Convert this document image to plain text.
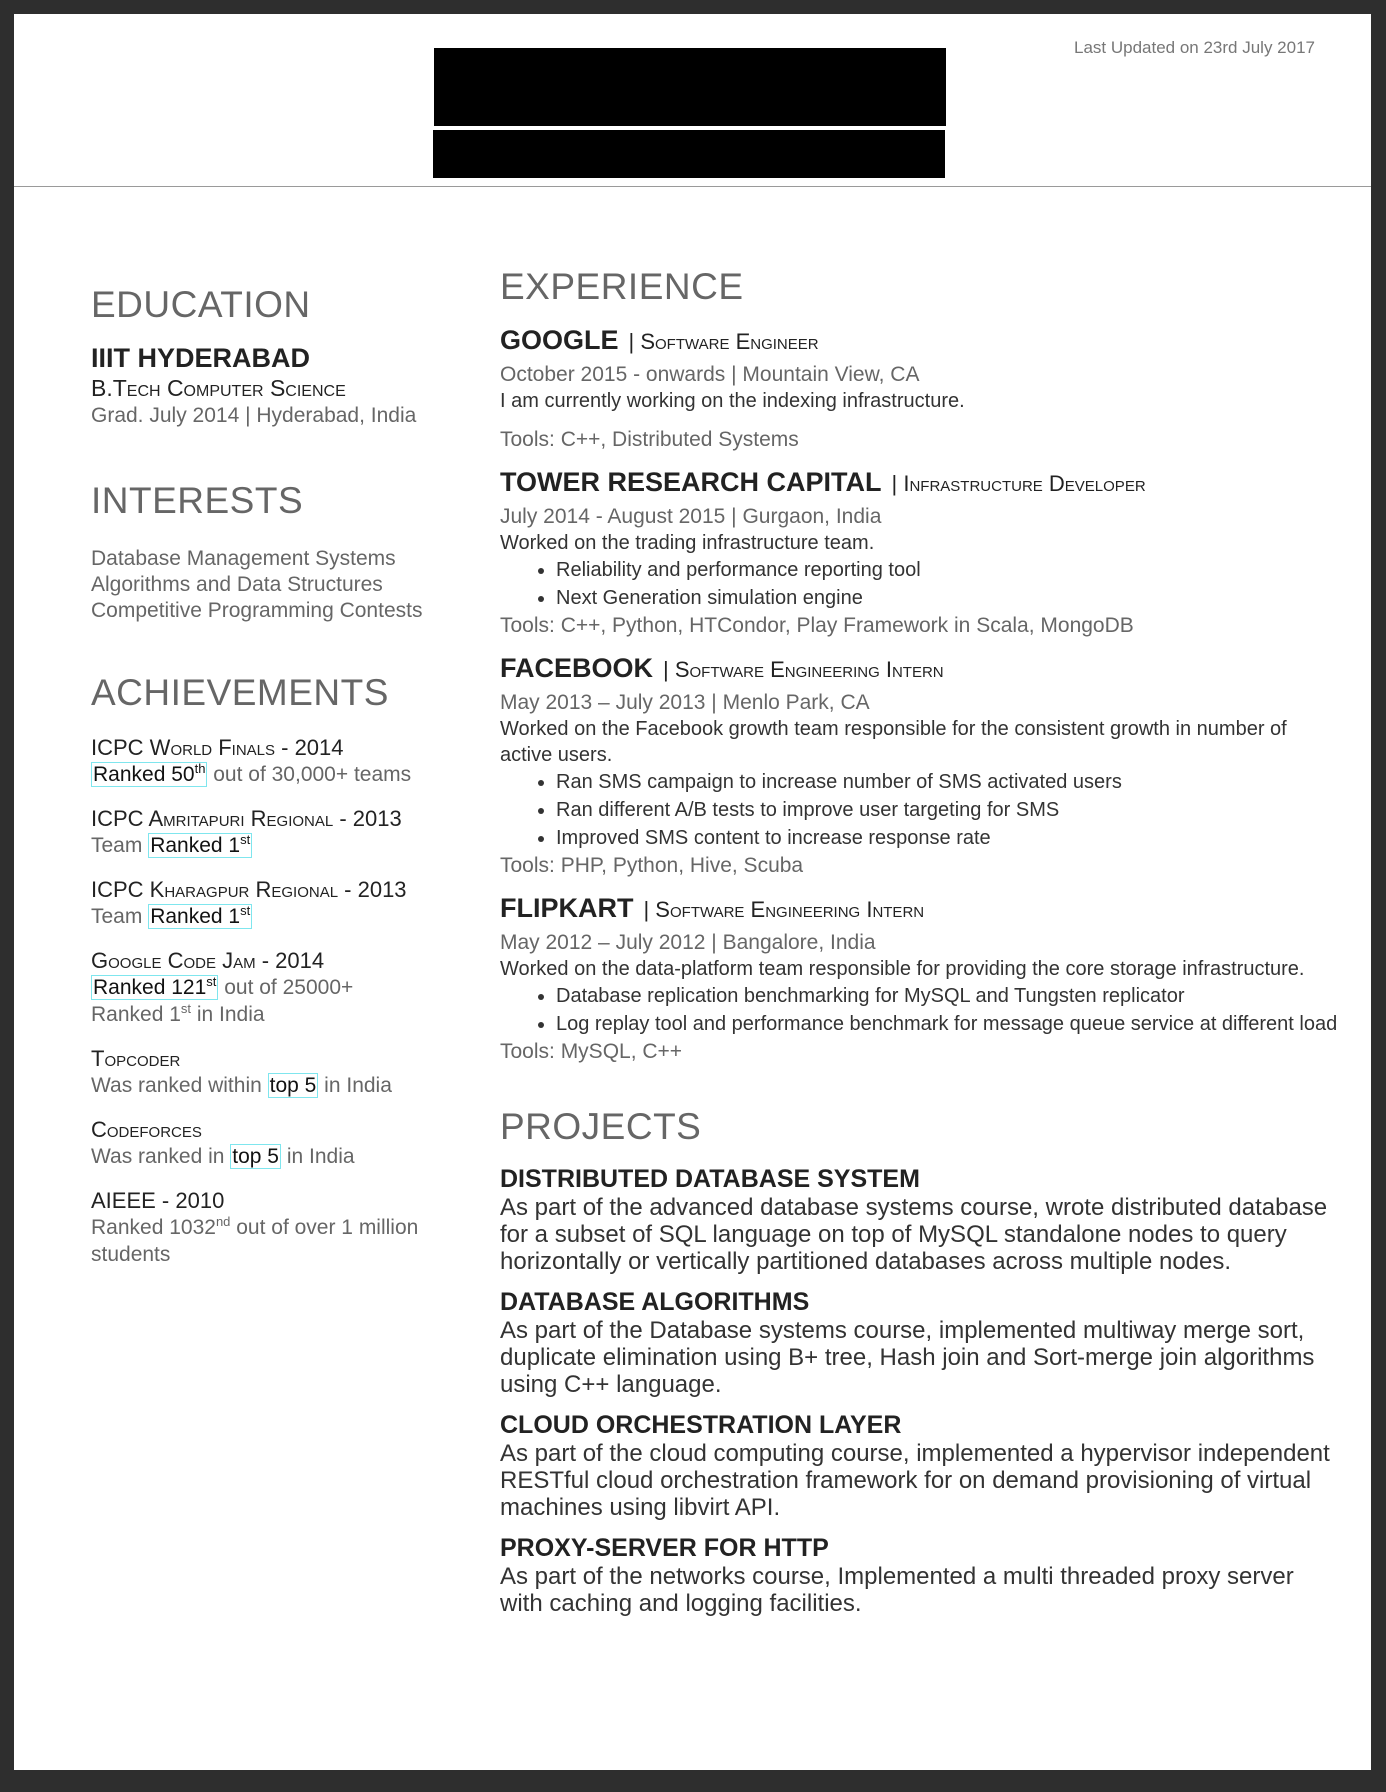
Last Updated on 23rd July 2017
EDUCATION
IIIT HYDERABAD
B.Tech Computer Science
Grad. July 2014 | Hyderabad, India
INTERESTS
Database Management Systems
Algorithms and Data Structures
Competitive Programming Contests
ACHIEVEMENTS
ICPC World Finals - 2014
Ranked 50th out of 30,000+ teams
ICPC Amritapuri Regional - 2013
Team Ranked 1st
ICPC Kharagpur Regional - 2013
Team Ranked 1st
Google Code Jam - 2014
Ranked 121st out of 25000+
Ranked 1st in India
Topcoder
Was ranked within top 5 in India
Codeforces
Was ranked in top 5 in India
AIEEE - 2010
Ranked 1032nd out of over 1 million students
EXPERIENCE
GOOGLE | Software Engineer
October 2015 - onwards | Mountain View, CA
I am currently working on the indexing infrastructure.
Tools: C++, Distributed Systems
TOWER RESEARCH CAPITAL | Infrastructure Developer
July 2014 - August 2015 | Gurgaon, India
Worked on the trading infrastructure team.
• Reliability and performance reporting tool
• Next Generation simulation engine
Tools: C++, Python, HTCondor, Play Framework in Scala, MongoDB
FACEBOOK | Software Engineering Intern
May 2013 – July 2013 | Menlo Park, CA
Worked on the Facebook growth team responsible for the consistent growth in number of active users.
• Ran SMS campaign to increase number of SMS activated users
• Ran different A/B tests to improve user targeting for SMS
• Improved SMS content to increase response rate
Tools: PHP, Python, Hive, Scuba
FLIPKART | Software Engineering Intern
May 2012 – July 2012 | Bangalore, India
Worked on the data-platform team responsible for providing the core storage infrastructure.
• Database replication benchmarking for MySQL and Tungsten replicator
• Log replay tool and performance benchmark for message queue service at different load
Tools: MySQL, C++
PROJECTS
DISTRIBUTED DATABASE SYSTEM
As part of the advanced database systems course, wrote distributed database for a subset of SQL language on top of MySQL standalone nodes to query horizontally or vertically partitioned databases across multiple nodes.
DATABASE ALGORITHMS
As part of the Database systems course, implemented multiway merge sort, duplicate elimination using B+ tree, Hash join and Sort-merge join algorithms using C++ language.
CLOUD ORCHESTRATION LAYER
As part of the cloud computing course, implemented a hypervisor independent RESTful cloud orchestration framework for on demand provisioning of virtual machines using libvirt API.
PROXY-SERVER FOR HTTP
As part of the networks course, Implemented a multi threaded proxy server with caching and logging facilities.
